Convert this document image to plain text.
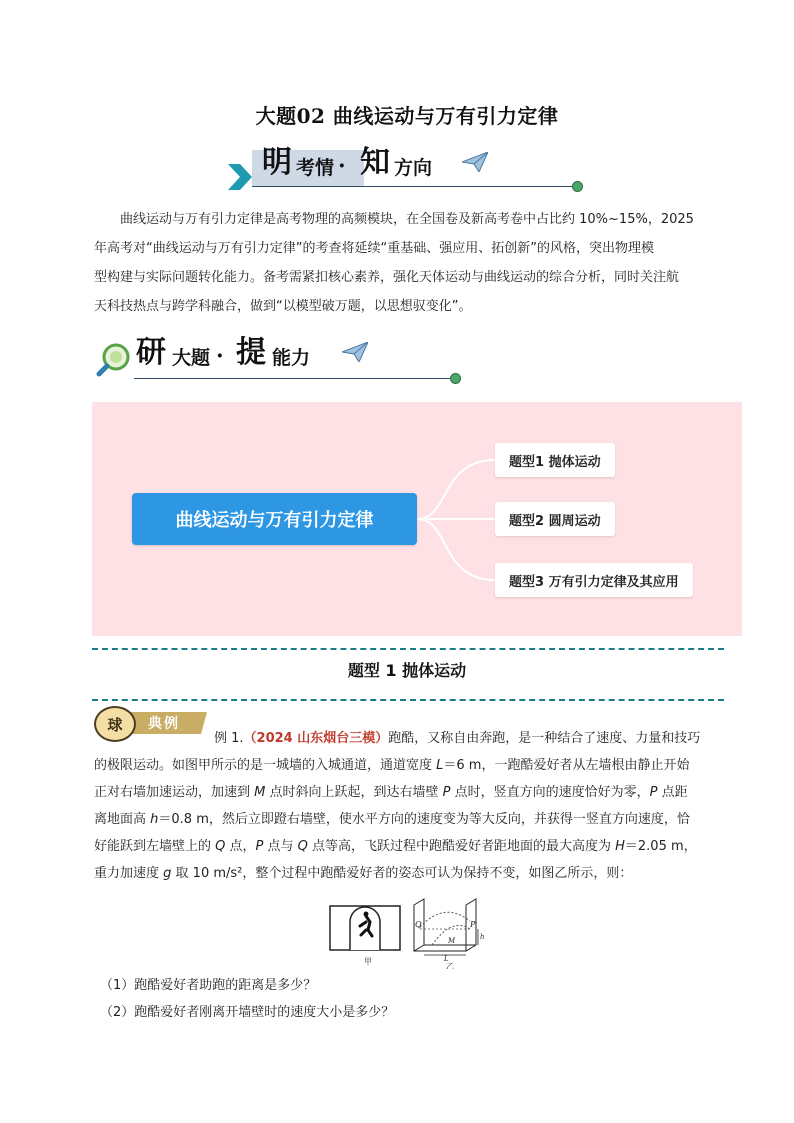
大题02 曲线运动与万有引力定律
明 考情 · 知 方向
曲线运动与万有引力定律是高考物理的高频模块，在全国卷及新高考卷中占比约 10%~15%，2025
年高考对“曲线运动与万有引力定律”的考查将延续“重基础、强应用、拓创新”的风格，突出物理模
型构建与实际问题转化能力。备考需紧扣核心素养，强化天体运动与曲线运动的综合分析，同时关注航
天科技热点与跨学科融合，做到“以模型破万题，以思想驭变化”。
研 大题 · 提 能力
曲线运动与万有引力定律
题型1 抛体运动
题型2 圆周运动
题型3 万有引力定律及其应用
题型 1 抛体运动
球 典例
例 1.（2024 山东烟台三模）跑酷，又称自由奔跑，是一种结合了速度、力量和技巧
的极限运动。如图甲所示的是一城墙的入城通道，通道宽度 L＝6 m，一跑酷爱好者从左墙根由静止开始
正对右墙加速运动，加速到 M 点时斜向上跃起，到达右墙壁 P 点时，竖直方向的速度恰好为零，P 点距
离地面高 h＝0.8 m，然后立即蹬右墙壁，使水平方向的速度变为等大反向，并获得一竖直方向速度，恰
好能跃到左墙壁上的 Q 点，P 点与 Q 点等高，飞跃过程中跑酷爱好者距地面的最大高度为 H＝2.05 m，
重力加速度 g 取 10 m/s²，整个过程中跑酷爱好者的姿态可认为保持不变，如图乙所示，则：
甲
Q	P
M	h
L
乙
（1）跑酷爱好者助跑的距离是多少？
（2）跑酷爱好者刚离开墙壁时的速度大小是多少？
